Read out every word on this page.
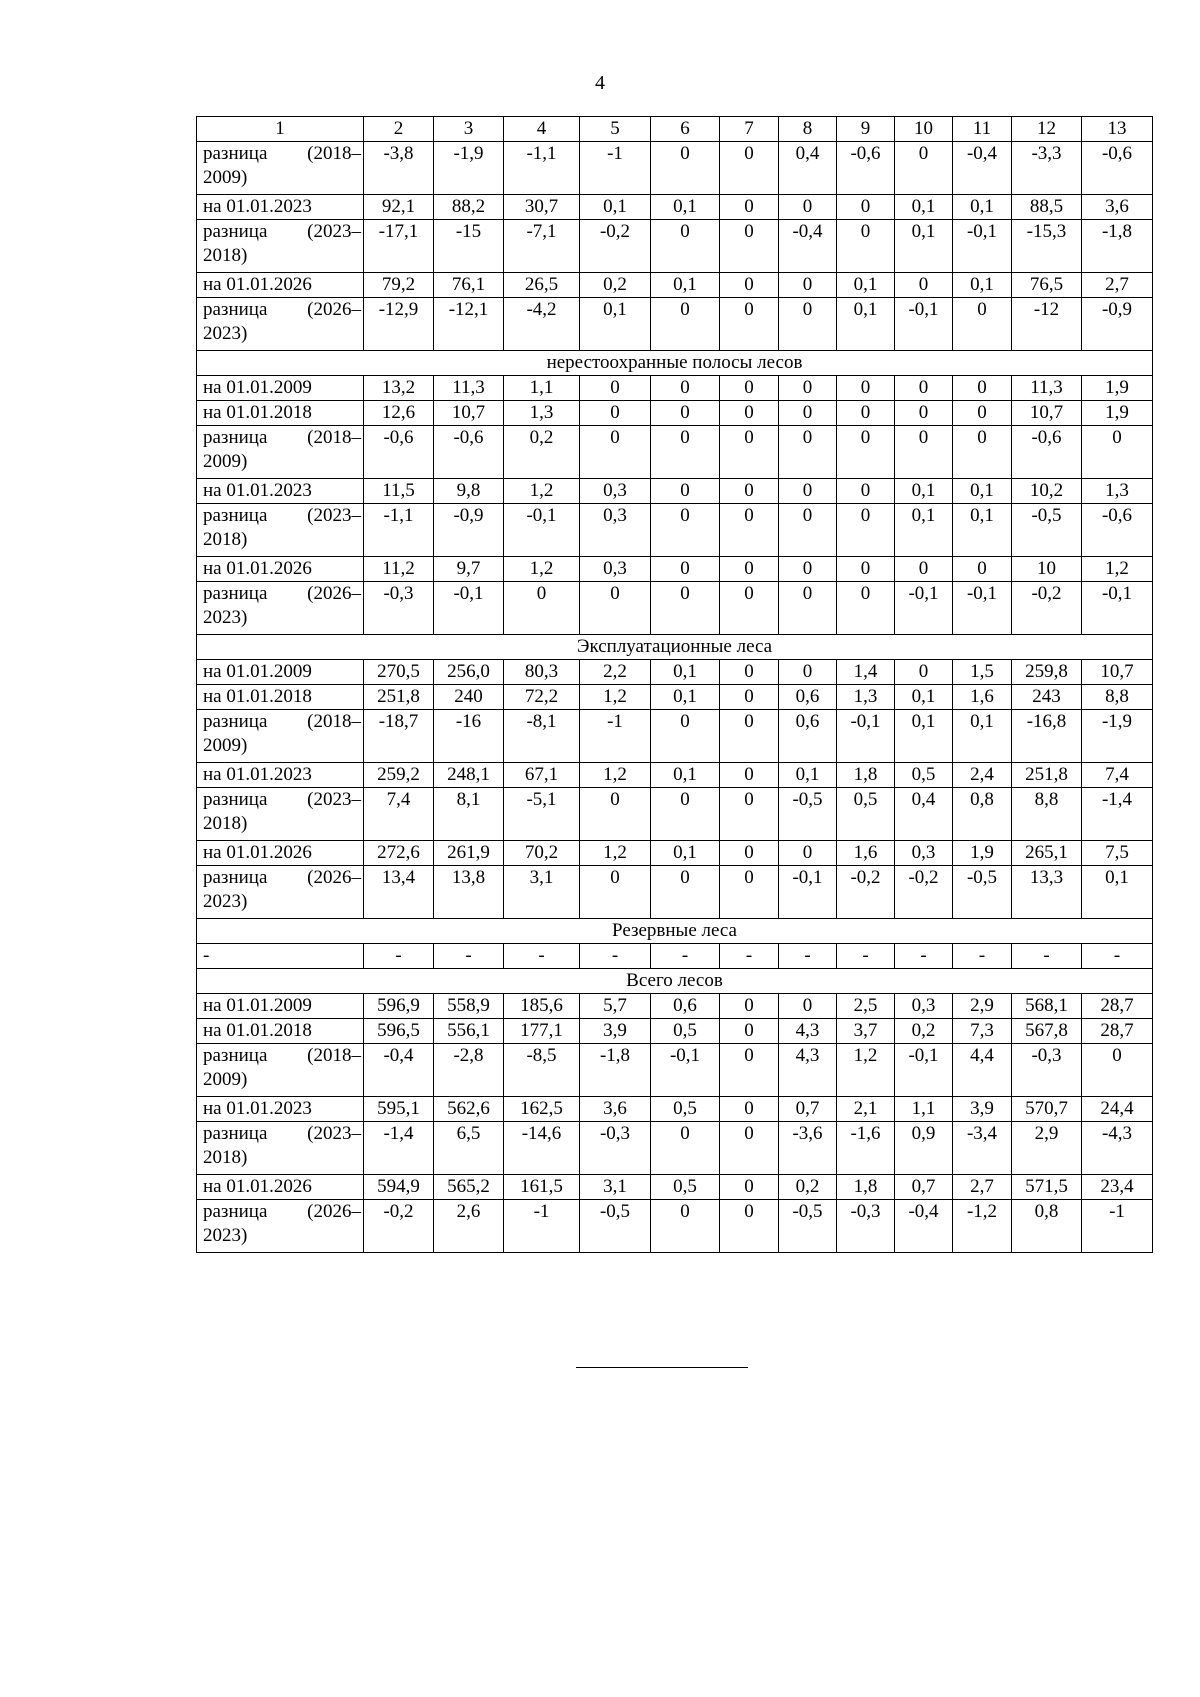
4
1	2	3	4	5	6	7	8	9	10	11	12	13

разница (2018–
2009)	-3,8	-1,9	-1,1	-1	0	0	0,4	-0,6	0	-0,4	-3,3	-0,6
на 01.01.2023	92,1	88,2	30,7	0,1	0,1	0	0	0	0,1	0,1	88,5	3,6

разница (2023–
2018)	-17,1	-15	-7,1	-0,2	0	0	-0,4	0	0,1	-0,1	-15,3	-1,8
на 01.01.2026	79,2	76,1	26,5	0,2	0,1	0	0	0,1	0	0,1	76,5	2,7

разница (2026–
2023)	-12,9	-12,1	-4,2	0,1	0	0	0	0,1	-0,1	0	-12	-0,9
нерестоохранные полосы лесов												
на 01.01.2009	13,2	11,3	1,1	0	0	0	0	0	0	0	11,3	1,9
на 01.01.2018	12,6	10,7	1,3	0	0	0	0	0	0	0	10,7	1,9

разница (2018–
2009)	-0,6	-0,6	0,2	0	0	0	0	0	0	0	-0,6	0
на 01.01.2023	11,5	9,8	1,2	0,3	0	0	0	0	0,1	0,1	10,2	1,3

разница (2023–
2018)	-1,1	-0,9	-0,1	0,3	0	0	0	0	0,1	0,1	-0,5	-0,6
на 01.01.2026	11,2	9,7	1,2	0,3	0	0	0	0	0	0	10	1,2

разница (2026–
2023)	-0,3	-0,1	0	0	0	0	0	0	-0,1	-0,1	-0,2	-0,1
Эксплуатационные леса												
на 01.01.2009	270,5	256,0	80,3	2,2	0,1	0	0	1,4	0	1,5	259,8	10,7
на 01.01.2018	251,8	240	72,2	1,2	0,1	0	0,6	1,3	0,1	1,6	243	8,8

разница (2018–
2009)	-18,7	-16	-8,1	-1	0	0	0,6	-0,1	0,1	0,1	-16,8	-1,9
на 01.01.2023	259,2	248,1	67,1	1,2	0,1	0	0,1	1,8	0,5	2,4	251,8	7,4

разница (2023–
2018)	7,4	8,1	-5,1	0	0	0	-0,5	0,5	0,4	0,8	8,8	-1,4
на 01.01.2026	272,6	261,9	70,2	1,2	0,1	0	0	1,6	0,3	1,9	265,1	7,5

разница (2026–
2023)	13,4	13,8	3,1	0	0	0	-0,1	-0,2	-0,2	-0,5	13,3	0,1
Резервные леса												
-	-	-	-	-	-	-	-	-	-	-	-	-
Всего лесов												
на 01.01.2009	596,9	558,9	185,6	5,7	0,6	0	0	2,5	0,3	2,9	568,1	28,7
на 01.01.2018	596,5	556,1	177,1	3,9	0,5	0	4,3	3,7	0,2	7,3	567,8	28,7

разница (2018–
2009)	-0,4	-2,8	-8,5	-1,8	-0,1	0	4,3	1,2	-0,1	4,4	-0,3	0
на 01.01.2023	595,1	562,6	162,5	3,6	0,5	0	0,7	2,1	1,1	3,9	570,7	24,4

разница (2023–
2018)	-1,4	6,5	-14,6	-0,3	0	0	-3,6	-1,6	0,9	-3,4	2,9	-4,3
на 01.01.2026	594,9	565,2	161,5	3,1	0,5	0	0,2	1,8	0,7	2,7	571,5	23,4

разница (2026–
2023)	-0,2	2,6	-1	-0,5	0	0	-0,5	-0,3	-0,4	-1,2	0,8	-1
